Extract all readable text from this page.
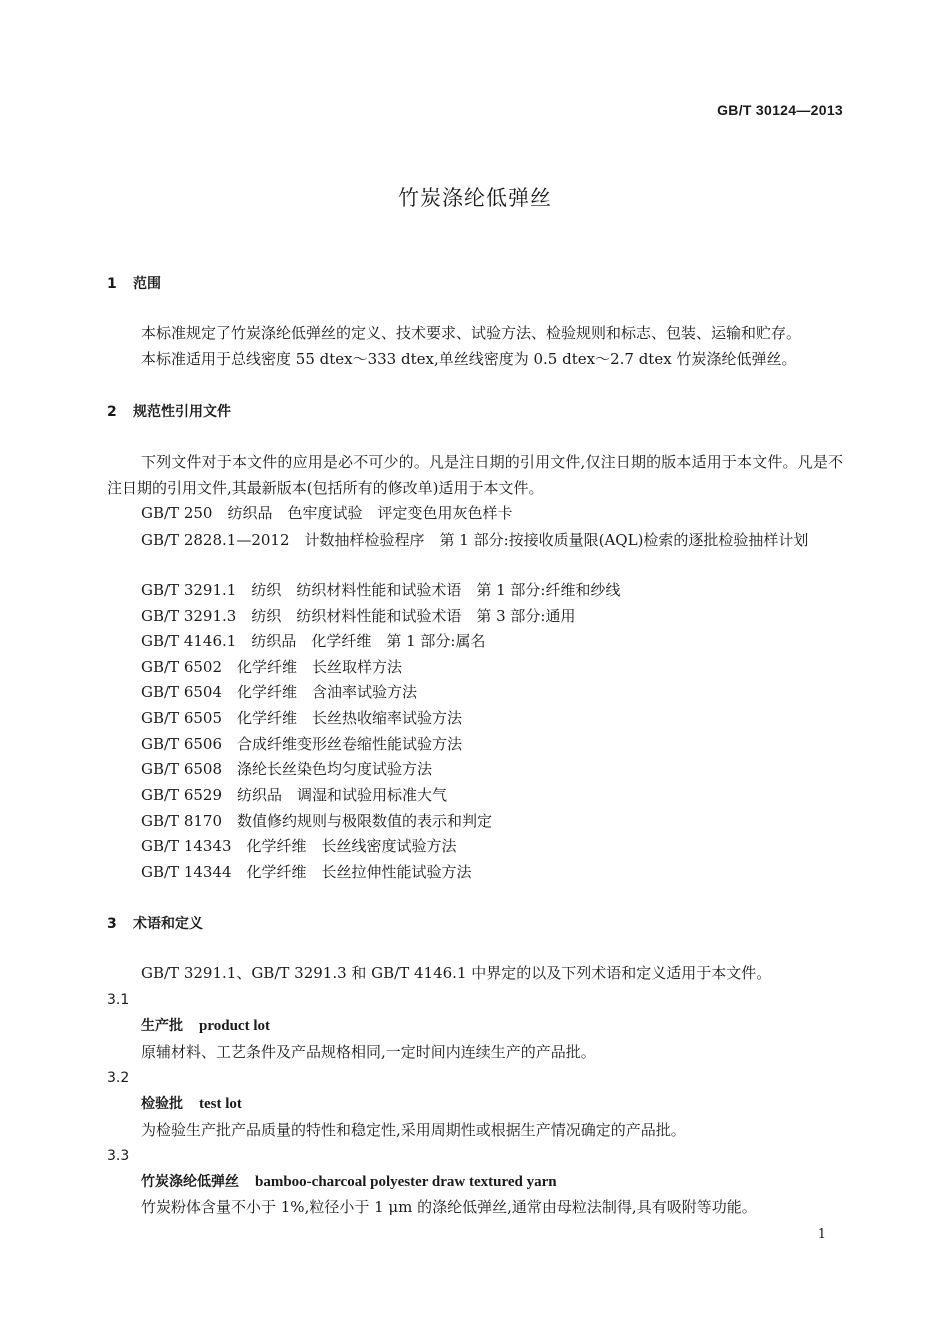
GB/T 30124—2013
竹炭涤纶低弹丝
1 范围
本标准规定了竹炭涤纶低弹丝的定义、技术要求、试验方法、检验规则和标志、包装、运输和贮存。
本标准适用于总线密度 55 dtex～333 dtex,单丝线密度为 0.5 dtex～2.7 dtex 竹炭涤纶低弹丝。
2 规范性引用文件
下列文件对于本文件的应用是必不可少的。凡是注日期的引用文件,仅注日期的版本适用于本文件。凡是不注日期的引用文件,其最新版本(包括所有的修改单)适用于本文件。
GB/T 250　纺织品　色牢度试验　评定变色用灰色样卡
GB/T 2828.1—2012　计数抽样检验程序　第 1 部分:按接收质量限(AQL)检索的逐批检验抽样计划
GB/T 3291.1　纺织　纺织材料性能和试验术语　第 1 部分:纤维和纱线
GB/T 3291.3　纺织　纺织材料性能和试验术语　第 3 部分:通用
GB/T 4146.1　纺织品　化学纤维　第 1 部分:属名
GB/T 6502　化学纤维　长丝取样方法
GB/T 6504　化学纤维　含油率试验方法
GB/T 6505　化学纤维　长丝热收缩率试验方法
GB/T 6506　合成纤维变形丝卷缩性能试验方法
GB/T 6508　涤纶长丝染色均匀度试验方法
GB/T 6529　纺织品　调湿和试验用标准大气
GB/T 8170　数值修约规则与极限数值的表示和判定
GB/T 14343　化学纤维　长丝线密度试验方法
GB/T 14344　化学纤维　长丝拉伸性能试验方法
3 术语和定义
GB/T 3291.1、GB/T 3291.3 和 GB/T 4146.1 中界定的以及下列术语和定义适用于本文件。
3.1
生产批 product lot
原辅材料、工艺条件及产品规格相同,一定时间内连续生产的产品批。
3.2
检验批 test lot
为检验生产批产品质量的特性和稳定性,采用周期性或根据生产情况确定的产品批。
3.3
竹炭涤纶低弹丝 bamboo-charcoal polyester draw textured yarn
竹炭粉体含量不小于 1%,粒径小于 1 μm 的涤纶低弹丝,通常由母粒法制得,具有吸附等功能。
1
